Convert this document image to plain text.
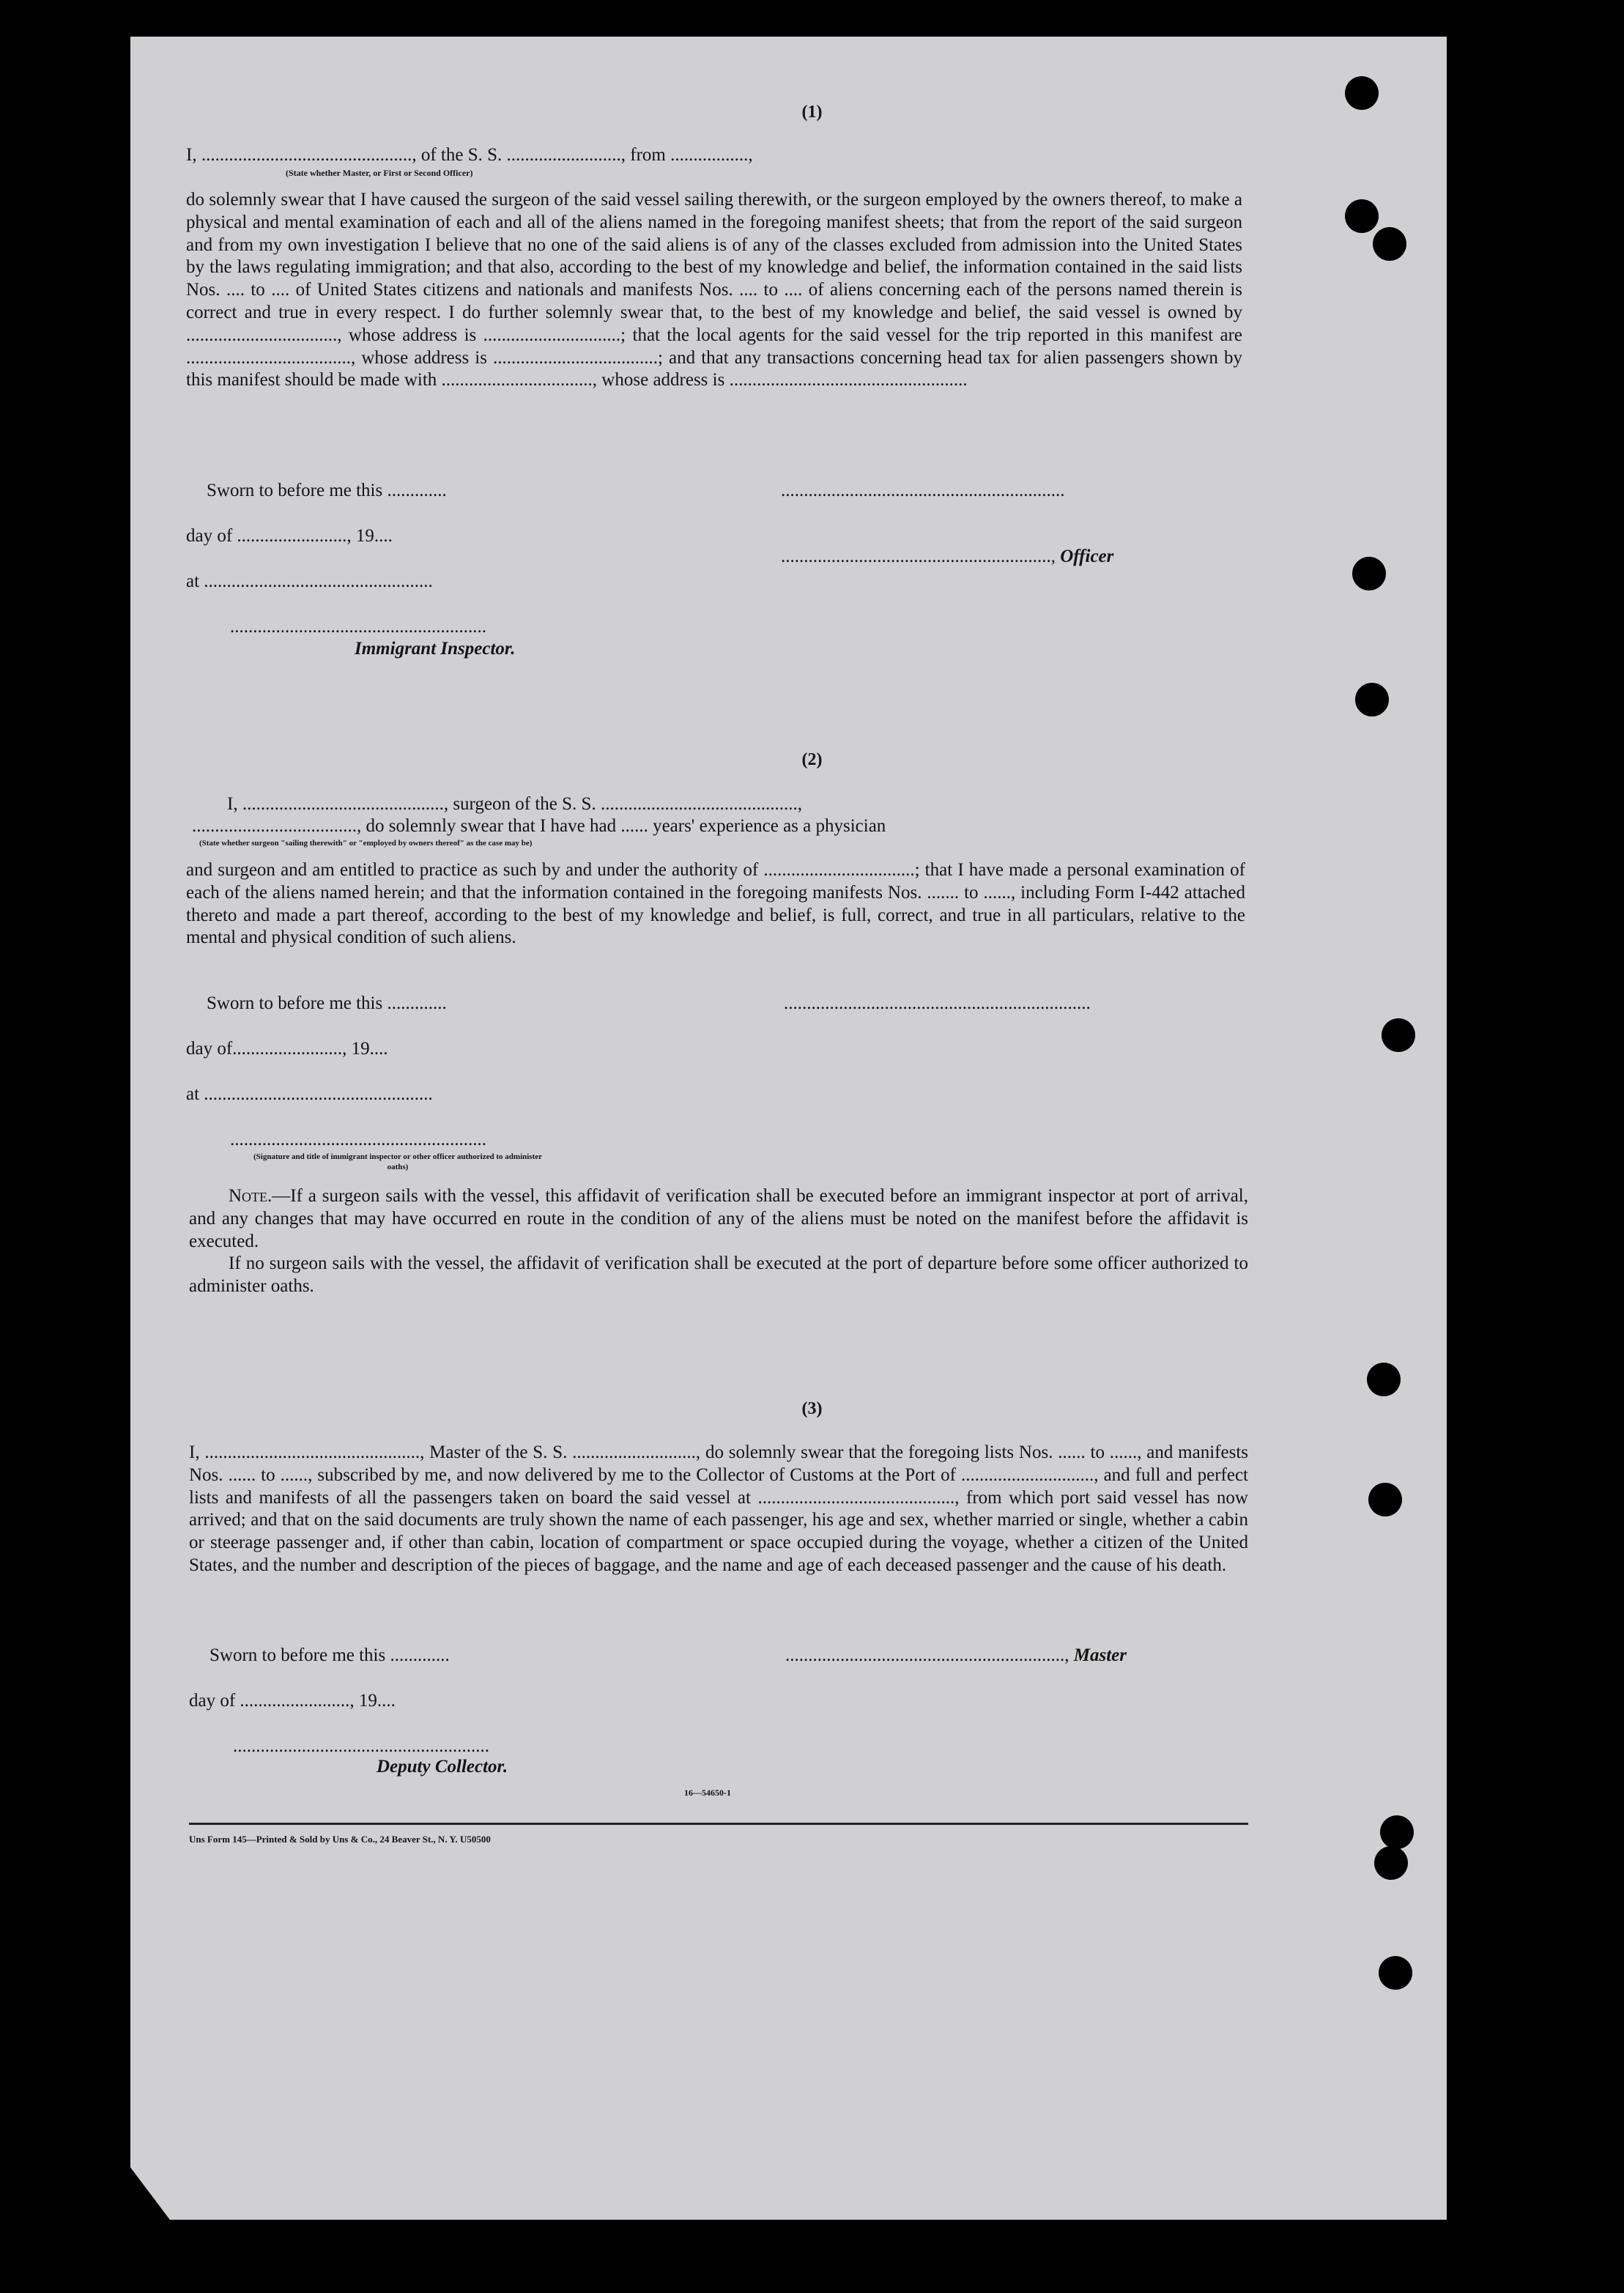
(1)

I, .............................................., of the S. S. ........................., from .................,

(State whether Master, or First or Second Officer)

do solemnly swear that I have caused the surgeon of the said vessel sailing therewith, or the surgeon employed by the owners thereof, to make a physical and mental examination of each and all of the aliens named in the foregoing manifest sheets; that from the report of the said surgeon and from my own investigation I believe that no one of the said aliens is of any of the classes excluded from admission into the United States by the laws regulating immigration; and that also, according to the best of my knowledge and belief, the information contained in the said lists Nos. .... to .... of United States citizens and nationals and manifests Nos. .... to .... of aliens concerning each of the persons named therein is correct and true in every respect. I do further solemnly swear that, to the best of my knowledge and belief, the said vessel is owned by ................................., whose address is ..............................; that the local agents for the said vessel for the trip reported in this manifest are ...................................., whose address is ....................................; and that any transactions concerning head tax for alien passengers shown by this manifest should be made with ................................., whose address is ....................................................

Sworn to before me this .............	..............................................................

day of ........................, 19....

..........................................................., Officer

at ..................................................

........................................................

Immigrant Inspector.

(2)

I, ............................................, surgeon of the S. S. ...........................................,

...................................., do solemnly swear that I have had ...... years' experience as a physician

(State whether surgeon "sailing therewith" or "employed by owners thereof" as the case may be)

and surgeon and am entitled to practice as such by and under the authority of .................................; that I have made a personal examination of each of the aliens named herein; and that the information contained in the foregoing manifests Nos. ....... to ......, including Form I-442 attached thereto and made a part thereof, according to the best of my knowledge and belief, is full, correct, and true in all particulars, relative to the mental and physical condition of such aliens.

Sworn to before me this .............	...................................................................

day of........................, 19....

at ..................................................

........................................................

(Signature and title of immigrant inspector or other officer authorized to administer oaths)

Note.—If a surgeon sails with the vessel, this affidavit of verification shall be executed before an immigrant inspector at port of arrival, and any changes that may have occurred en route in the condition of any of the aliens must be noted on the manifest before the affidavit is executed.

If no surgeon sails with the vessel, the affidavit of verification shall be executed at the port of departure before some officer authorized to administer oaths.

(3)

I, ..............................................., Master of the S. S. ..........................., do solemnly swear that the foregoing lists Nos. ...... to ......, and manifests Nos. ...... to ......, subscribed by me, and now delivered by me to the Collector of Customs at the Port of ............................., and full and perfect lists and manifests of all the passengers taken on board the said vessel at ..........................................., from which port said vessel has now arrived; and that on the said documents are truly shown the name of each passenger, his age and sex, whether married or single, whether a cabin or steerage passenger and, if other than cabin, location of compartment or space occupied during the voyage, whether a citizen of the United States, and the number and description of the pieces of baggage, and the name and age of each deceased passenger and the cause of his death.

Sworn to before me this .............	............................................................., Master

day of ........................, 19....

........................................................

Deputy Collector.

16—54650-1
Uns Form 145—Printed & Sold by Uns & Co., 24 Beaver St., N. Y. U50500
